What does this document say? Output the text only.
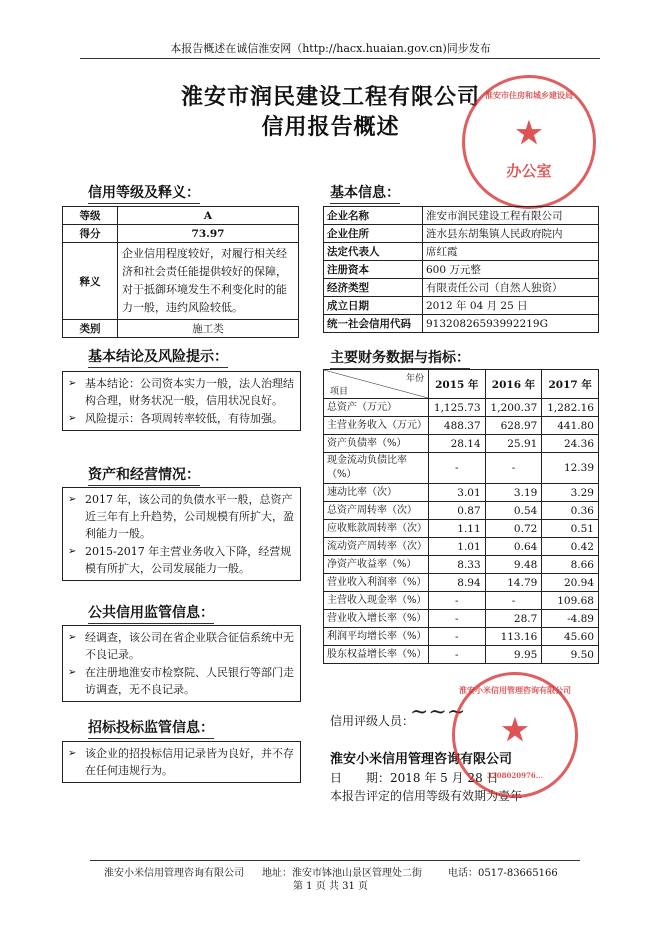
本报告概述在诚信淮安网（http://hacx.huaian.gov.cn)同步发布
淮安市润民建设工程有限公司
信用报告概述
淮安市住房和城乡建设局
★
办公室
信用等级及释义：
等级	A
得分	73.97
释义	企业信用程度较好，对履行相关经济和社会责任能提供较好的保障，对于抵御环境发生不利变化时的能力一般，违约风险较低。
类别	施工类
基本信息：
企业名称	淮安市润民建设工程有限公司
企业住所	涟水县东胡集镇人民政府院内
法定代表人	席红霞
注册资本	600 万元整
经济类型	有限责任公司（自然人独资）
成立日期	2012 年 04 月 25 日
统一社会信用代码	91320826593992219G
基本结论及风险提示：
➢ 基本结论：公司资本实力一般，法人治理结构合理，财务状况一般，信用状况良好。
➢ 风险提示：各项周转率较低，有待加强。
资产和经营情况：
➢ 2017 年，该公司的负债水平一般，总资产近三年有上升趋势，公司规模有所扩大，盈利能力一般。
➢ 2015-2017 年主营业务收入下降，经营规模有所扩大，公司发展能力一般。
公共信用监管信息：
➢ 经调查，该公司在省企业联合征信系统中无不良记录。
➢ 在注册地淮安市检察院、人民银行等部门走访调查，无不良记录。
招标投标监管信息：
➢ 该企业的招投标信用记录皆为良好，并不存在任何违规行为。
主要财务数据与指标：
年份
项目	2015 年	2016 年	2017 年
总资产（万元）	1,125.73	1,200.37	1,282.16
主营业务收入（万元）	488.37	628.97	441.80
资产负债率（%）	28.14	25.91	24.36
现金流动负债比率（%）	-	-	12.39
速动比率（次）	3.01	3.19	3.29
总资产周转率（次）	0.87	0.54	0.36
应收账款周转率（次）	1.11	0.72	0.51
流动资产周转率（次）	1.01	0.64	0.42
净资产收益率（%）	8.33	9.48	8.66
营业收入利润率（%）	8.94	14.79	20.94
主营收入现金率（%）	-	-	109.68
营业收入增长率（%）	-	28.7	-4.89
利润平均增长率（%）	-	113.16	45.60
股东权益增长率（%）	-	9.95	9.50
信用评级人员：
~~~
淮安小米信用管理咨询有限公司
日　　期：2018 年 5 月 28 日
本报告评定的信用等级有效期为壹年
淮安小米信用管理咨询有限公司
★
3208020976...
淮安小米信用管理咨询有限公司 地址：淮安市钵池山景区管理处二街	电话：0517-83665166
第 1 页 共 31 页
